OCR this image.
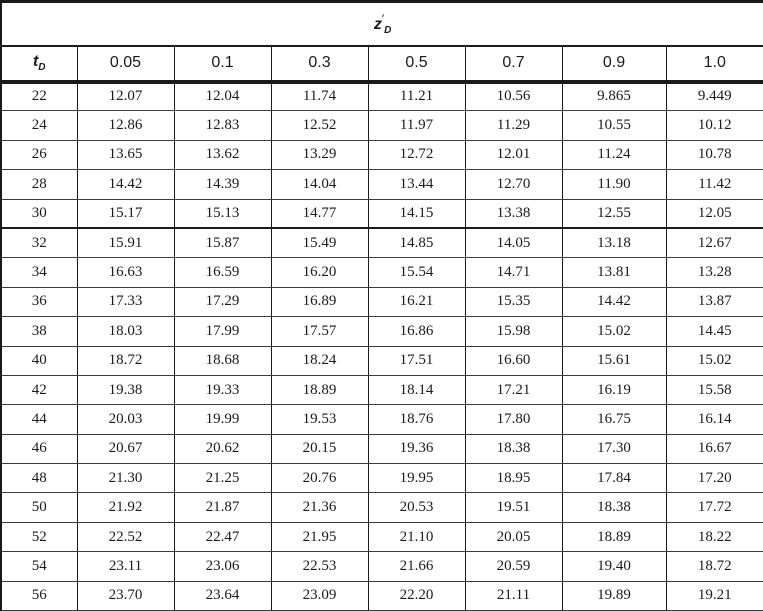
$z'_D$
$t_D$	0.05	0.1	0.3	0.5	0.7	0.9	1.0
22	12.07	12.04	11.74	11.21	10.56	9.865	9.449
24	12.86	12.83	12.52	11.97	11.29	10.55	10.12
26	13.65	13.62	13.29	12.72	12.01	11.24	10.78
28	14.42	14.39	14.04	13.44	12.70	11.90	11.42
30	15.17	15.13	14.77	14.15	13.38	12.55	12.05
32	15.91	15.87	15.49	14.85	14.05	13.18	12.67
34	16.63	16.59	16.20	15.54	14.71	13.81	13.28
36	17.33	17.29	16.89	16.21	15.35	14.42	13.87
38	18.03	17.99	17.57	16.86	15.98	15.02	14.45
40	18.72	18.68	18.24	17.51	16.60	15.61	15.02
42	19.38	19.33	18.89	18.14	17.21	16.19	15.58
44	20.03	19.99	19.53	18.76	17.80	16.75	16.14
46	20.67	20.62	20.15	19.36	18.38	17.30	16.67
48	21.30	21.25	20.76	19.95	18.95	17.84	17.20
50	21.92	21.87	21.36	20.53	19.51	18.38	17.72
52	22.52	22.47	21.95	21.10	20.05	18.89	18.22
54	23.11	23.06	22.53	21.66	20.59	19.40	18.72
56	23.70	23.64	23.09	22.20	21.11	19.89	19.21
